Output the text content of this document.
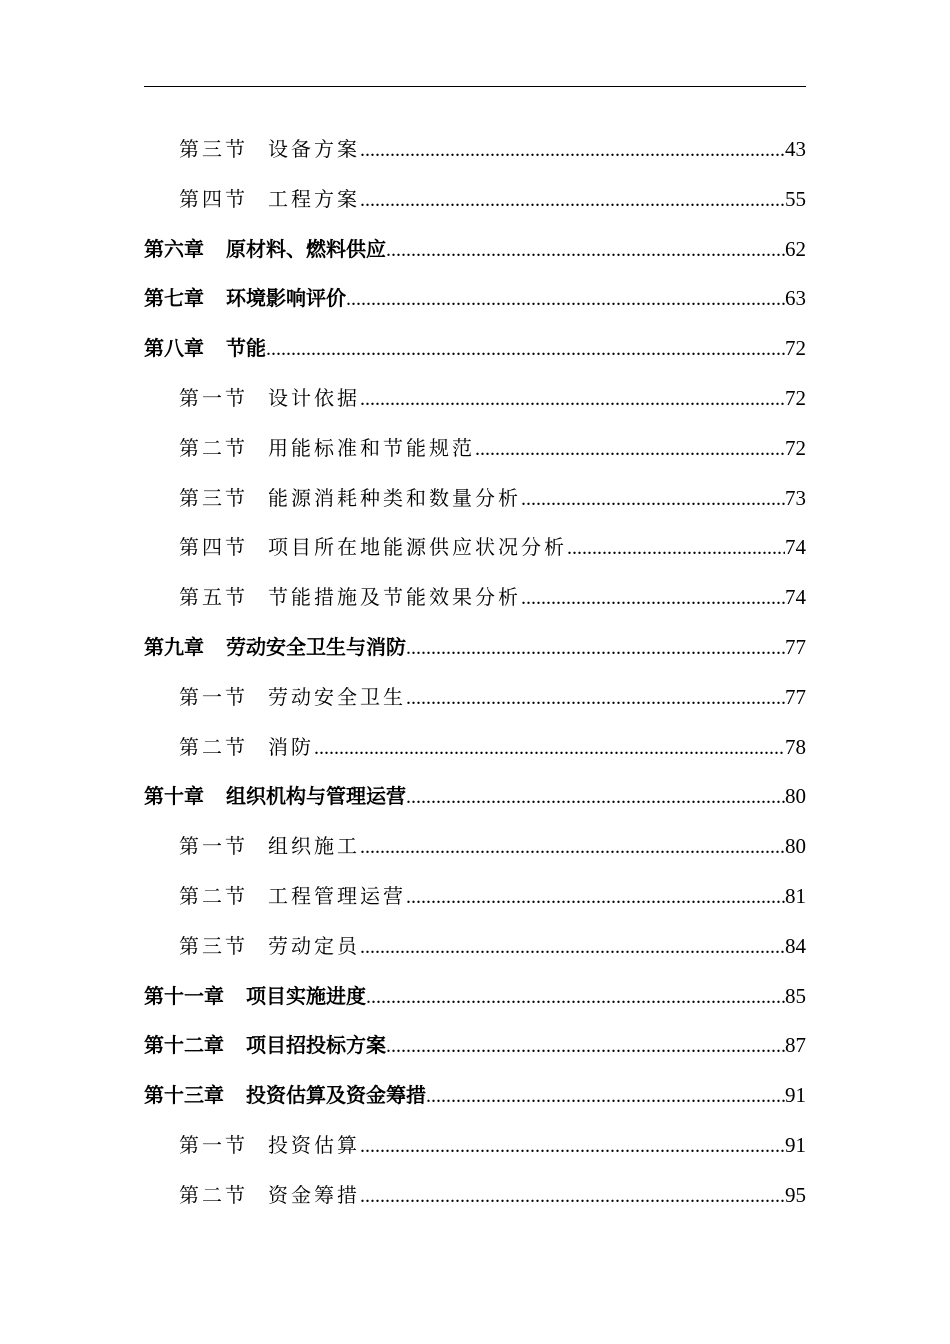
第三节 设备方案 .....	43
第四节 工程方案 .....	55
第六章 原材料、燃料供应 .....	62
第七章 环境影响评价 .....	63
第八章 节能 .....	72
第一节 设计依据 .....	72
第二节 用能标准和节能规范 .....	72
第三节 能源消耗种类和数量分析 .....	73
第四节 项目所在地能源供应状况分析 .....	74
第五节 节能措施及节能效果分析 .....	74
第九章 劳动安全卫生与消防 .....	77
第一节 劳动安全卫生 .....	77
第二节 消防 .....	78
第十章 组织机构与管理运营 .....	80
第一节 组织施工 .....	80
第二节 工程管理运营 .....	81
第三节 劳动定员 .....	84
第十一章 项目实施进度 .....	85
第十二章 项目招投标方案 .....	87
第十三章 投资估算及资金筹措 .....	91
第一节 投资估算 .....	91
第二节 资金筹措 .....	95
